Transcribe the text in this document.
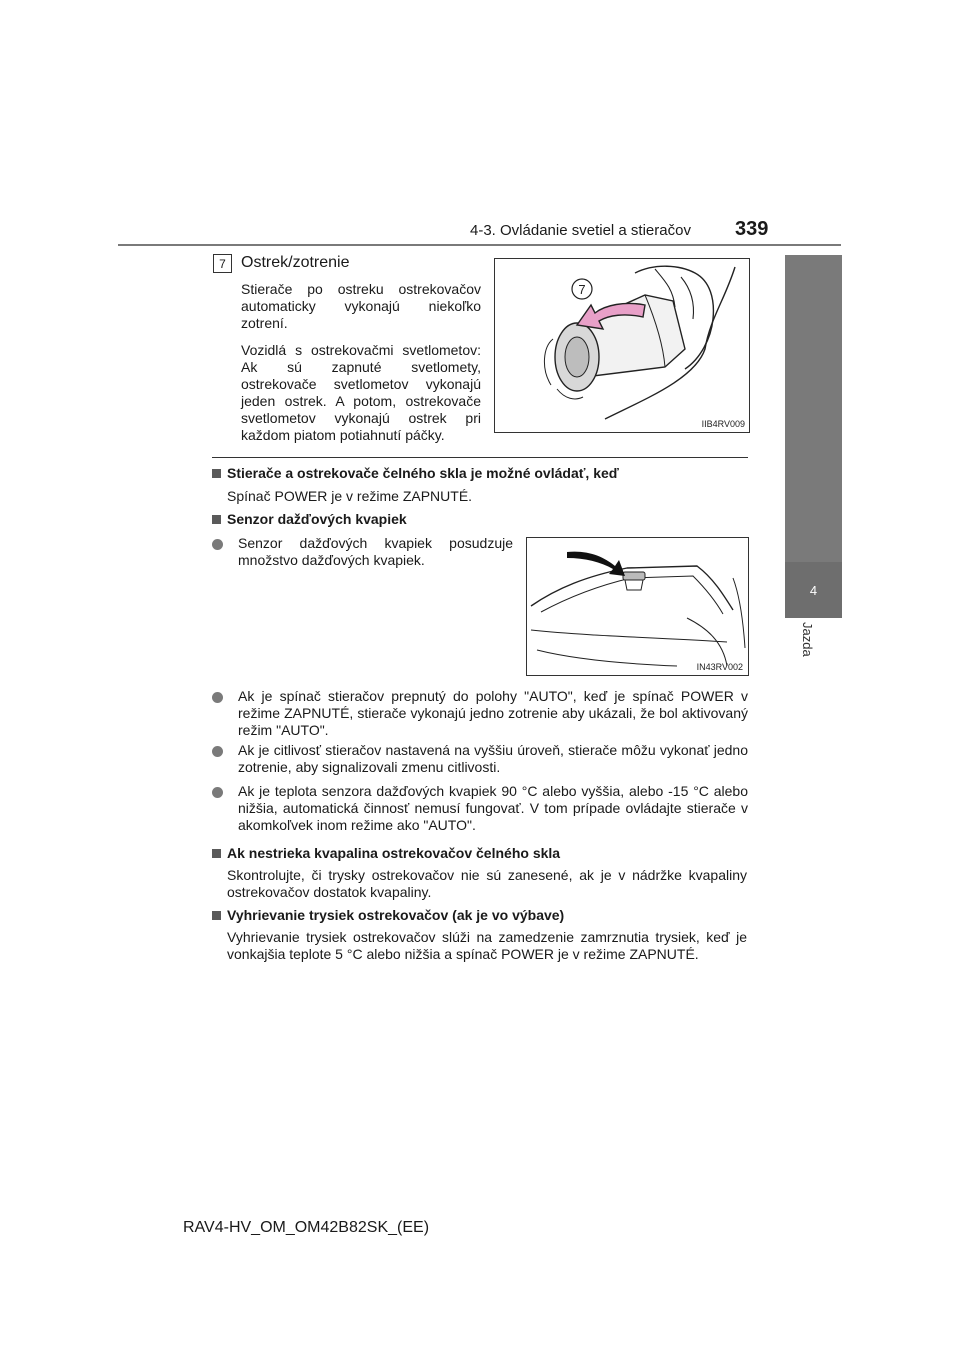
4-3. Ovládanie svetiel a stieračov 339
4
Jazda
7 Ostrek/zotrenie
Stierače po ostreku ostrekovačov automaticky vykonajú niekoľko zotrení.
Vozidlá s ostrekovačmi svetlometov: Ak sú zapnuté svetlomety, ostrekovače svetlometov vykonajú jeden ostrek. A potom, ostrekovače svetlometov vykonajú ostrek pri každom piatom potiahnutí páčky.
7
IIB4RV009
Stierače a ostrekovače čelného skla je možné ovládať, keď
Spínač POWER je v režime ZAPNUTÉ.
Senzor dažďových kvapiek
Senzor dažďových kvapiek posudzuje množstvo dažďových kvapiek.
IN43RV002
Ak je spínač stieračov prepnutý do polohy "AUTO", keď je spínač POWER v režime ZAPNUTÉ, stierače vykonajú jedno zotrenie aby ukázali, že bol aktivovaný režim "AUTO".
Ak je citlivosť stieračov nastavená na vyššiu úroveň, stierače môžu vykonať jedno zotrenie, aby signalizovali zmenu citlivosti.
Ak je teplota senzora dažďových kvapiek 90 °C alebo vyššia, alebo -15 °C alebo nižšia, automatická činnosť nemusí fungovať. V tom prípade ovládajte stierače v akomkoľvek inom režime ako "AUTO".
Ak nestrieka kvapalina ostrekovačov čelného skla
Skontrolujte, či trysky ostrekovačov nie sú zanesené, ak je v nádržke kvapaliny ostrekovačov dostatok kvapaliny.
Vyhrievanie trysiek ostrekovačov (ak je vo výbave)
Vyhrievanie trysiek ostrekovačov slúži na zamedzenie zamrznutia trysiek, keď je vonkajšia teplote 5 °C alebo nižšia a spínač POWER je v režime ZAPNUTÉ.
RAV4-HV_OM_OM42B82SK_(EE)
